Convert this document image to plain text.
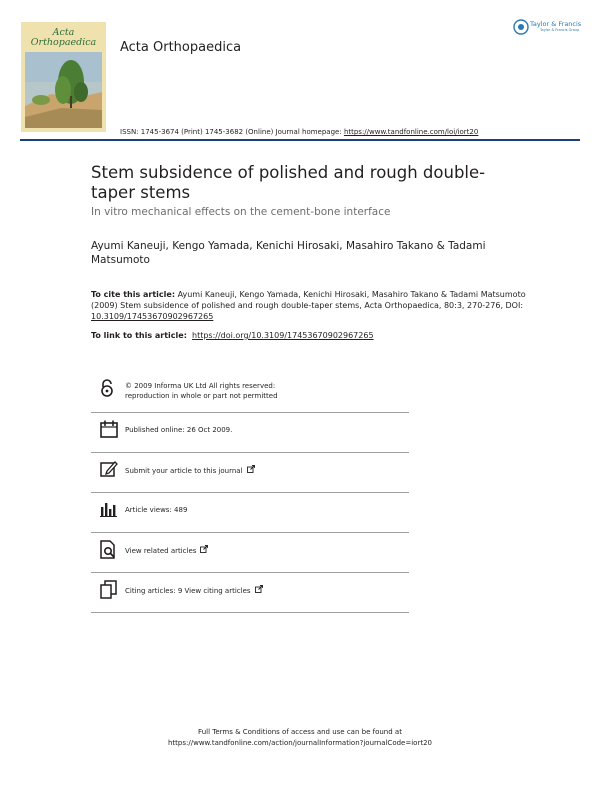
Acta
Orthopaedica	Acta Orthopaedica
Taylor & Francis
Taylor & Francis Group
ISSN: 1745-3674 (Print) 1745-3682 (Online) Journal homepage: https://www.tandfonline.com/loi/iort20
Stem subsidence of polished and rough double-taper stems
In vitro mechanical effects on the cement-bone interface
Ayumi Kaneuji, Kengo Yamada, Kenichi Hirosaki, Masahiro Takano & Tadami Matsumoto
To cite this article: Ayumi Kaneuji, Kengo Yamada, Kenichi Hirosaki, Masahiro Takano & Tadami Matsumoto (2009) Stem subsidence of polished and rough double-taper stems, Acta Orthopaedica, 80:3, 270-276, DOI: 10.3109/17453670902967265
To link to this article: https://doi.org/10.3109/17453670902967265
© 2009 Informa UK Ltd All rights reserved:
reproduction in whole or part not permitted
Published online: 26 Oct 2009.
Submit your article to this journal
Article views: 489
View related articles
Citing articles: 9 View citing articles
Full Terms & Conditions of access and use can be found at
https://www.tandfonline.com/action/journalInformation?journalCode=iort20
